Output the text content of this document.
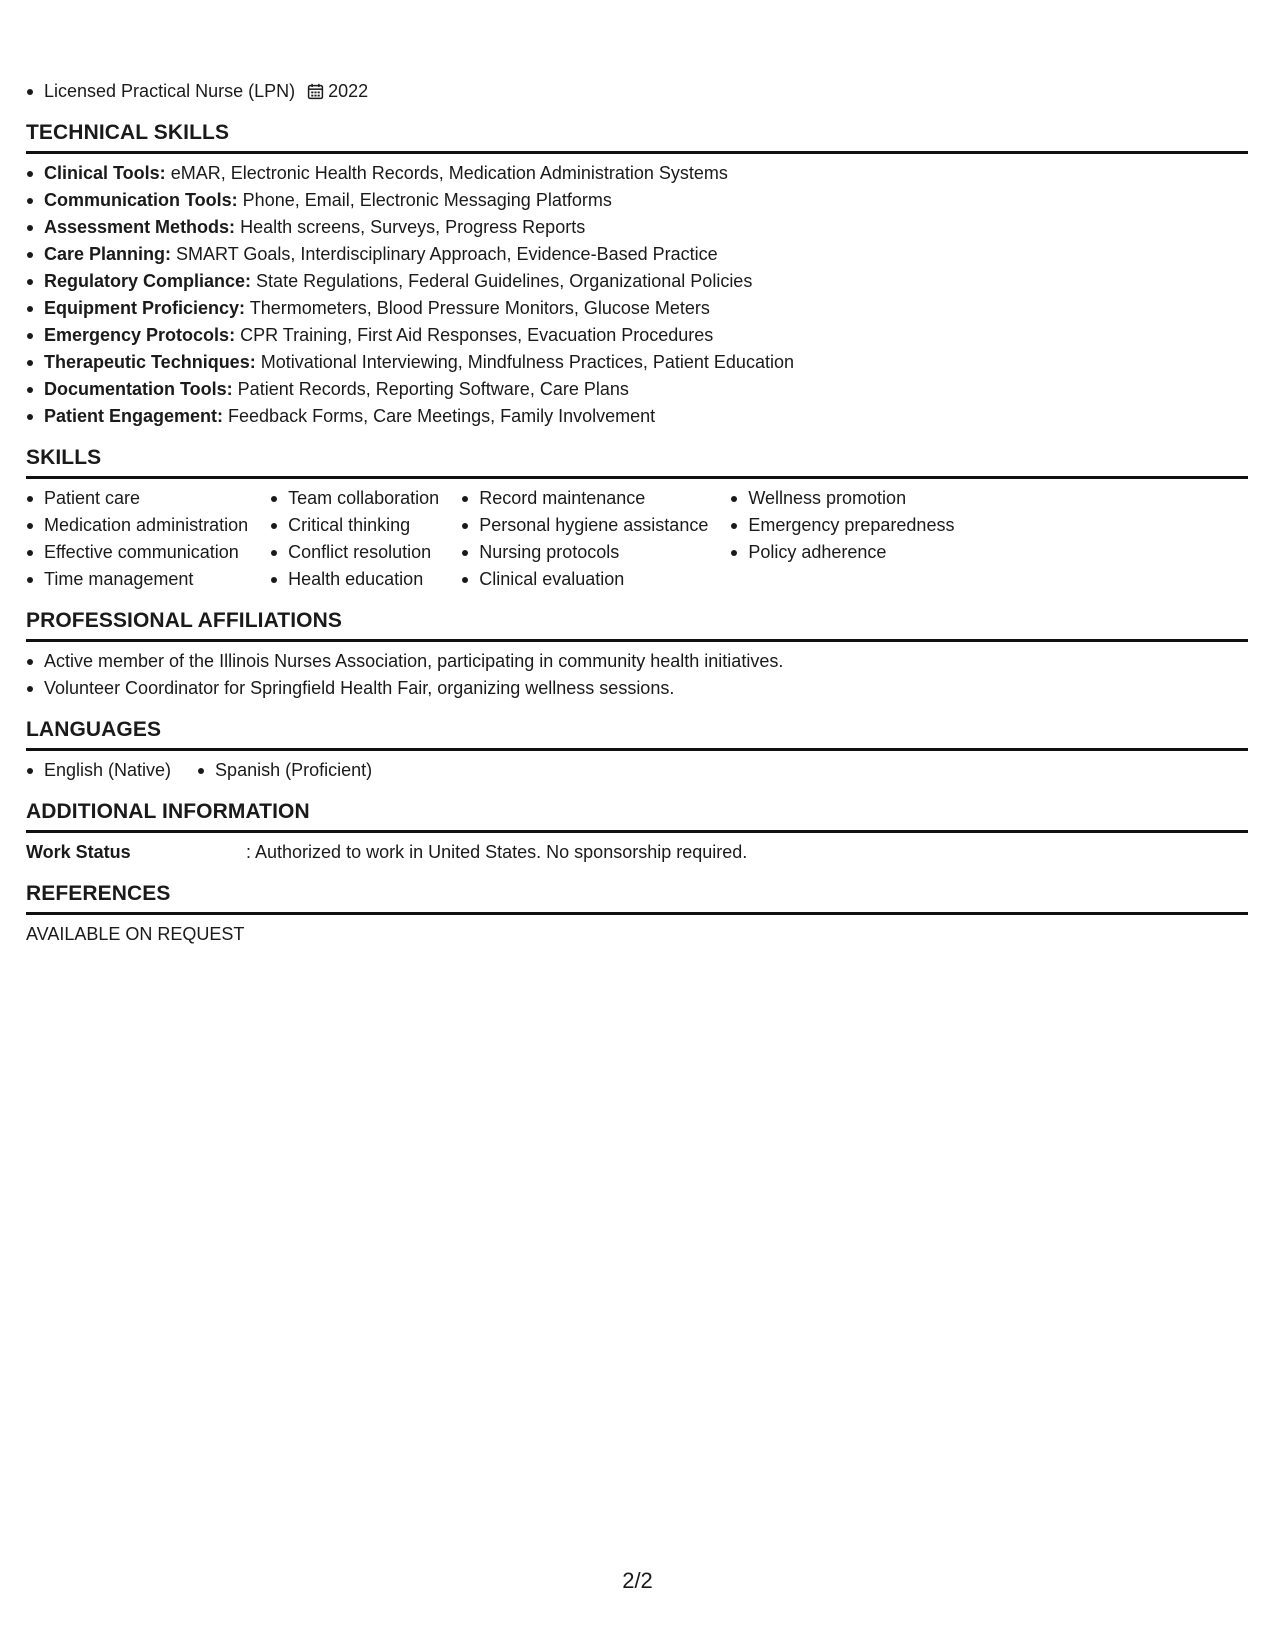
Licensed Practical Nurse (LPN) 2022
TECHNICAL SKILLS
Clinical Tools: eMAR, Electronic Health Records, Medication Administration Systems
Communication Tools: Phone, Email, Electronic Messaging Platforms
Assessment Methods: Health screens, Surveys, Progress Reports
Care Planning: SMART Goals, Interdisciplinary Approach, Evidence-Based Practice
Regulatory Compliance: State Regulations, Federal Guidelines, Organizational Policies
Equipment Proficiency: Thermometers, Blood Pressure Monitors, Glucose Meters
Emergency Protocols: CPR Training, First Aid Responses, Evacuation Procedures
Therapeutic Techniques: Motivational Interviewing, Mindfulness Practices, Patient Education
Documentation Tools: Patient Records, Reporting Software, Care Plans
Patient Engagement: Feedback Forms, Care Meetings, Family Involvement
SKILLS
Patient care
Medication administration
Effective communication
Time management
Team collaboration
Critical thinking
Conflict resolution
Health education
Record maintenance
Personal hygiene assistance
Nursing protocols
Clinical evaluation
Wellness promotion
Emergency preparedness
Policy adherence
PROFESSIONAL AFFILIATIONS
Active member of the Illinois Nurses Association, participating in community health initiatives.
Volunteer Coordinator for Springfield Health Fair, organizing wellness sessions.
LANGUAGES
English (Native)	Spanish (Proficient)
ADDITIONAL INFORMATION
Work Status	: Authorized to work in United States. No sponsorship required.
REFERENCES
AVAILABLE ON REQUEST
2/2
